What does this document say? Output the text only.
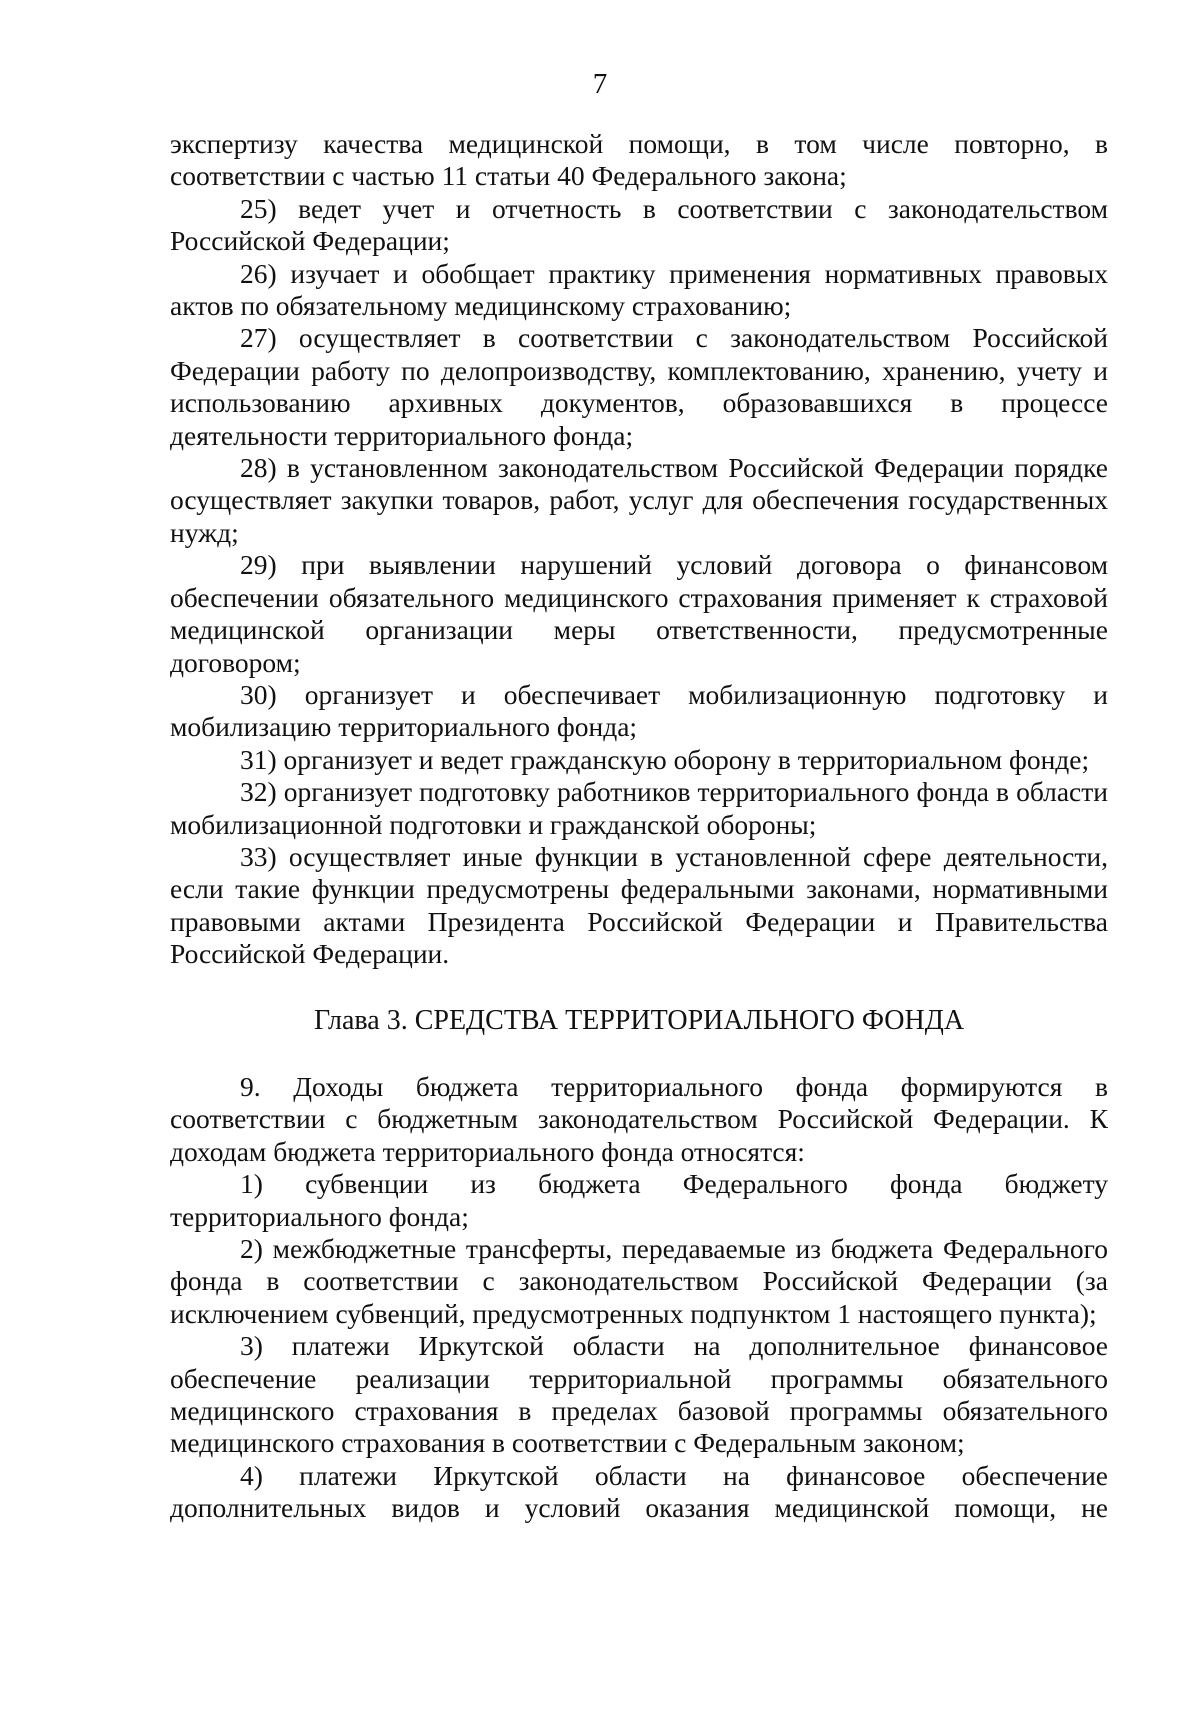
7

экспертизу качества медицинской помощи, в том числе повторно, в соответствии с частью 11 статьи 40 Федерального закона;

25) ведет учет и отчетность в соответствии с законодательством Российской Федерации;

26) изучает и обобщает практику применения нормативных правовых актов по обязательному медицинскому страхованию;

27) осуществляет в соответствии с законодательством Российской Федерации работу по делопроизводству, комплектованию, хранению, учету и использованию архивных документов, образовавшихся в процессе деятельности территориального фонда;

28) в установленном законодательством Российской Федерации порядке осуществляет закупки товаров, работ, услуг для обеспечения государственных нужд;

29) при выявлении нарушений условий договора о финансовом обеспечении обязательного медицинского страхования применяет к страховой медицинской организации меры ответственности, предусмотренные договором;

30) организует и обеспечивает мобилизационную подготовку и мобилизацию территориального фонда;

31) организует и ведет гражданскую оборону в территориальном фонде;

32) организует подготовку работников территориального фонда в области мобилизационной подготовки и гражданской обороны;

33) осуществляет иные функции в установленной сфере деятельности, если такие функции предусмотрены федеральными законами, нормативными правовыми актами Президента Российской Федерации и Правительства Российской Федерации.

Глава 3. СРЕДСТВА ТЕРРИТОРИАЛЬНОГО ФОНДА

9. Доходы бюджета территориального фонда формируются в соответствии с бюджетным законодательством Российской Федерации. К доходам бюджета территориального фонда относятся:

1) субвенции из бюджета Федерального фонда бюджету территориального фонда;

2) межбюджетные трансферты, передаваемые из бюджета Федерального фонда в соответствии с законодательством Российской Федерации (за исключением субвенций, предусмотренных подпунктом 1 настоящего пункта);

3) платежи Иркутской области на дополнительное финансовое обеспечение реализации территориальной программы обязательного медицинского страхования в пределах базовой программы обязательного медицинского страхования в соответствии с Федеральным законом;

4) платежи Иркутской области на финансовое обеспечение дополнительных видов и условий оказания медицинской помощи, не
